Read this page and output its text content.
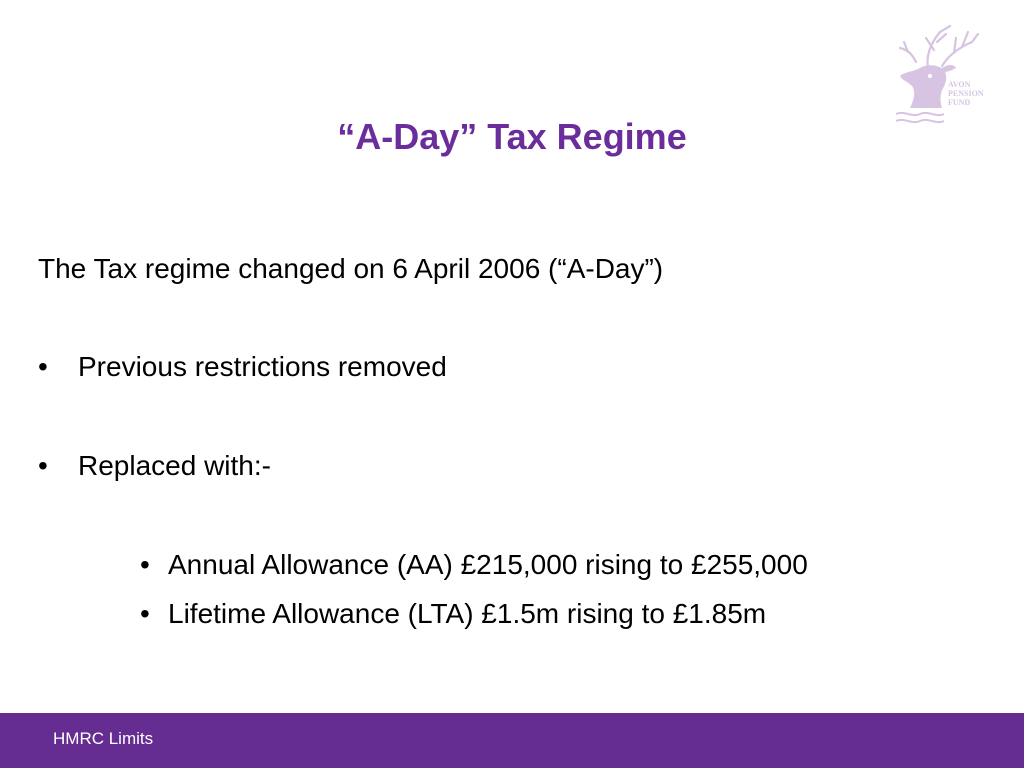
AVON
PENSION
FUND
“A-Day” Tax Regime
The Tax regime changed on 6 April 2006 (“A-Day”)
• Previous restrictions removed
• Replaced with:-
• Annual Allowance (AA) £215,000 rising to £255,000
• Lifetime Allowance (LTA) £1.5m rising to £1.85m
HMRC Limits
